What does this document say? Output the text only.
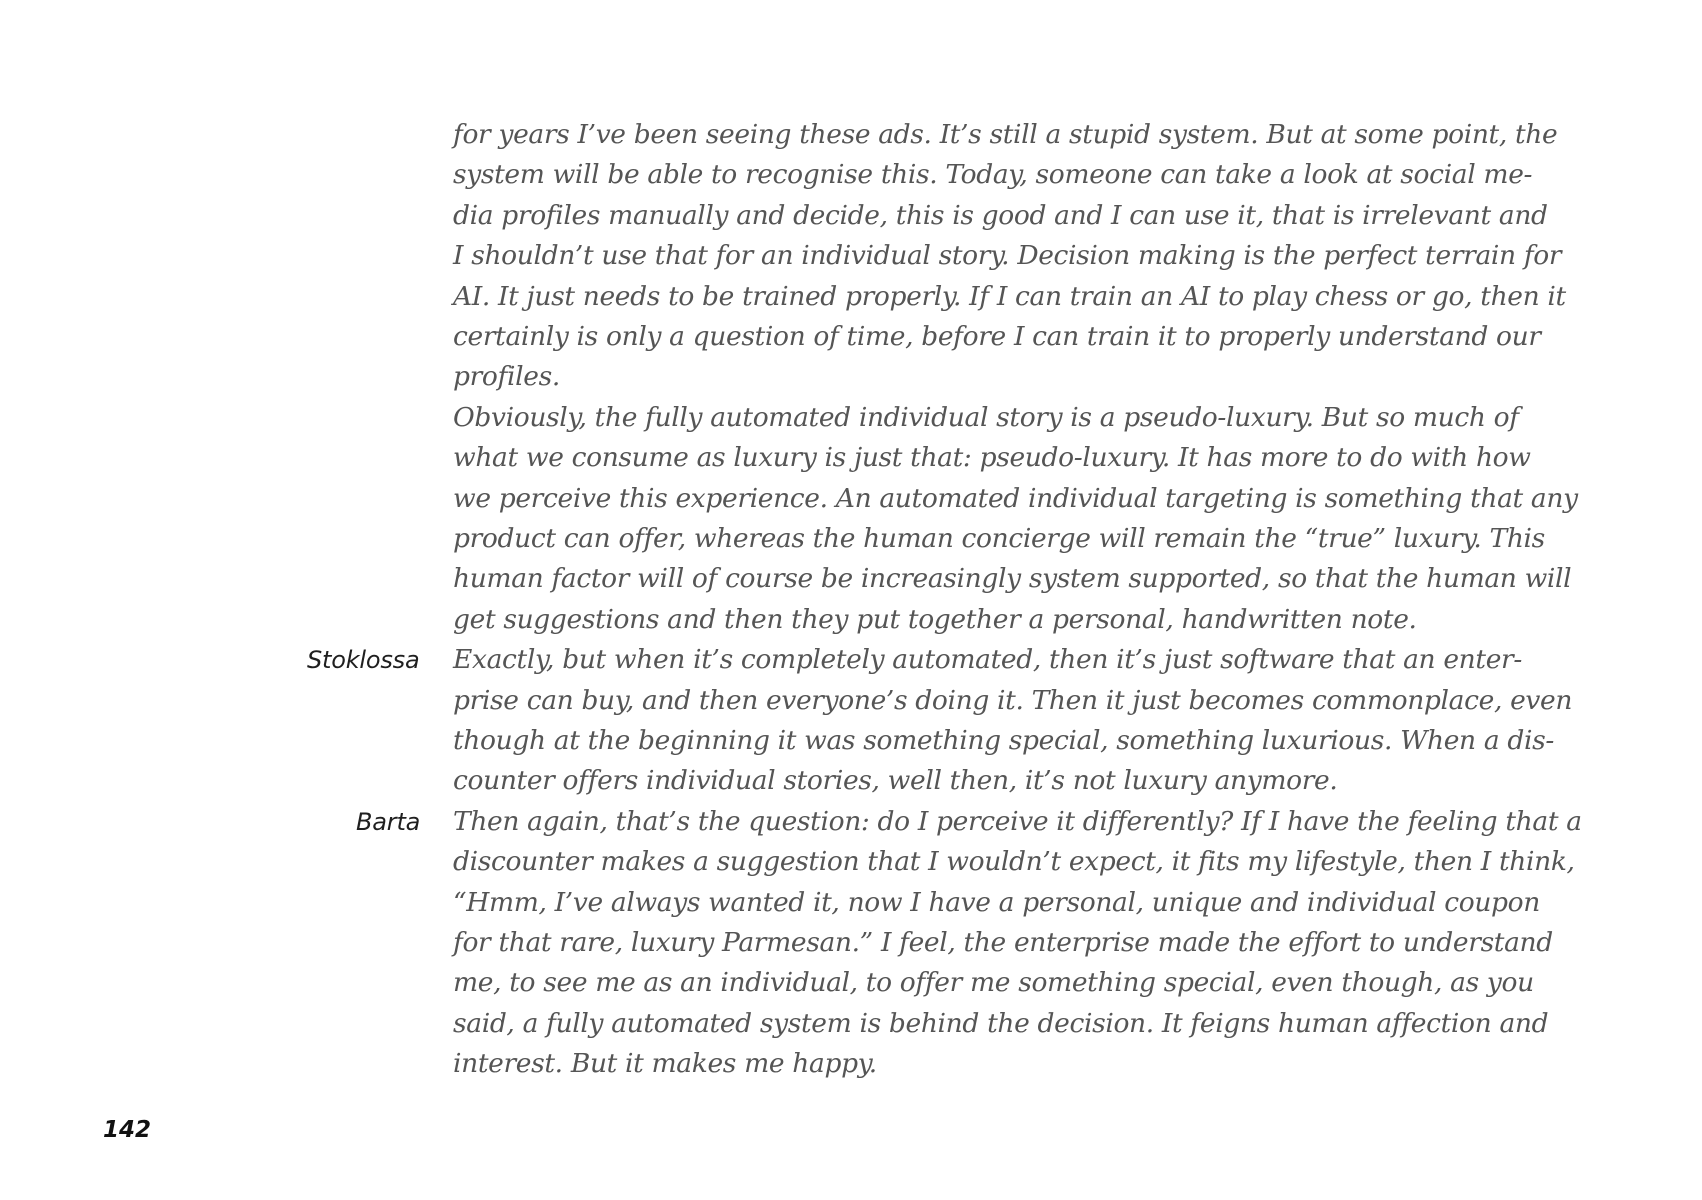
for years I’ve been seeing these ads. It’s still a stupid system. But at some point, the
system will be able to recognise this. Today, someone can take a look at social me-
dia profiles manually and decide, this is good and I can use it, that is irrelevant and
I shouldn’t use that for an individual story. Decision making is the perfect terrain for
AI. It just needs to be trained properly. If I can train an AI to play chess or go, then it
certainly is only a question of time, before I can train it to properly understand our
profiles.
Obviously, the fully automated individual story is a pseudo-luxury. But so much of
what we consume as luxury is just that: pseudo-luxury. It has more to do with how
we perceive this experience. An automated individual targeting is something that any
product can offer, whereas the human concierge will remain the “true” luxury. This
human factor will of course be increasingly system supported, so that the human will
get suggestions and then they put together a personal, handwritten note.
Stoklossa Exactly, but when it’s completely automated, then it’s just software that an enter-
prise can buy, and then everyone’s doing it. Then it just becomes commonplace, even
though at the beginning it was something special, something luxurious. When a dis-
counter offers individual stories, well then, it’s not luxury anymore.
Barta Then again, that’s the question: do I perceive it differently? If I have the feeling that a
discounter makes a suggestion that I wouldn’t expect, it fits my lifestyle, then I think,
“Hmm, I’ve always wanted it, now I have a personal, unique and individual coupon
for that rare, luxury Parmesan.” I feel, the enterprise made the effort to understand
me, to see me as an individual, to offer me something special, even though, as you
said, a fully automated system is behind the decision. It feigns human affection and
interest. But it makes me happy.
142
